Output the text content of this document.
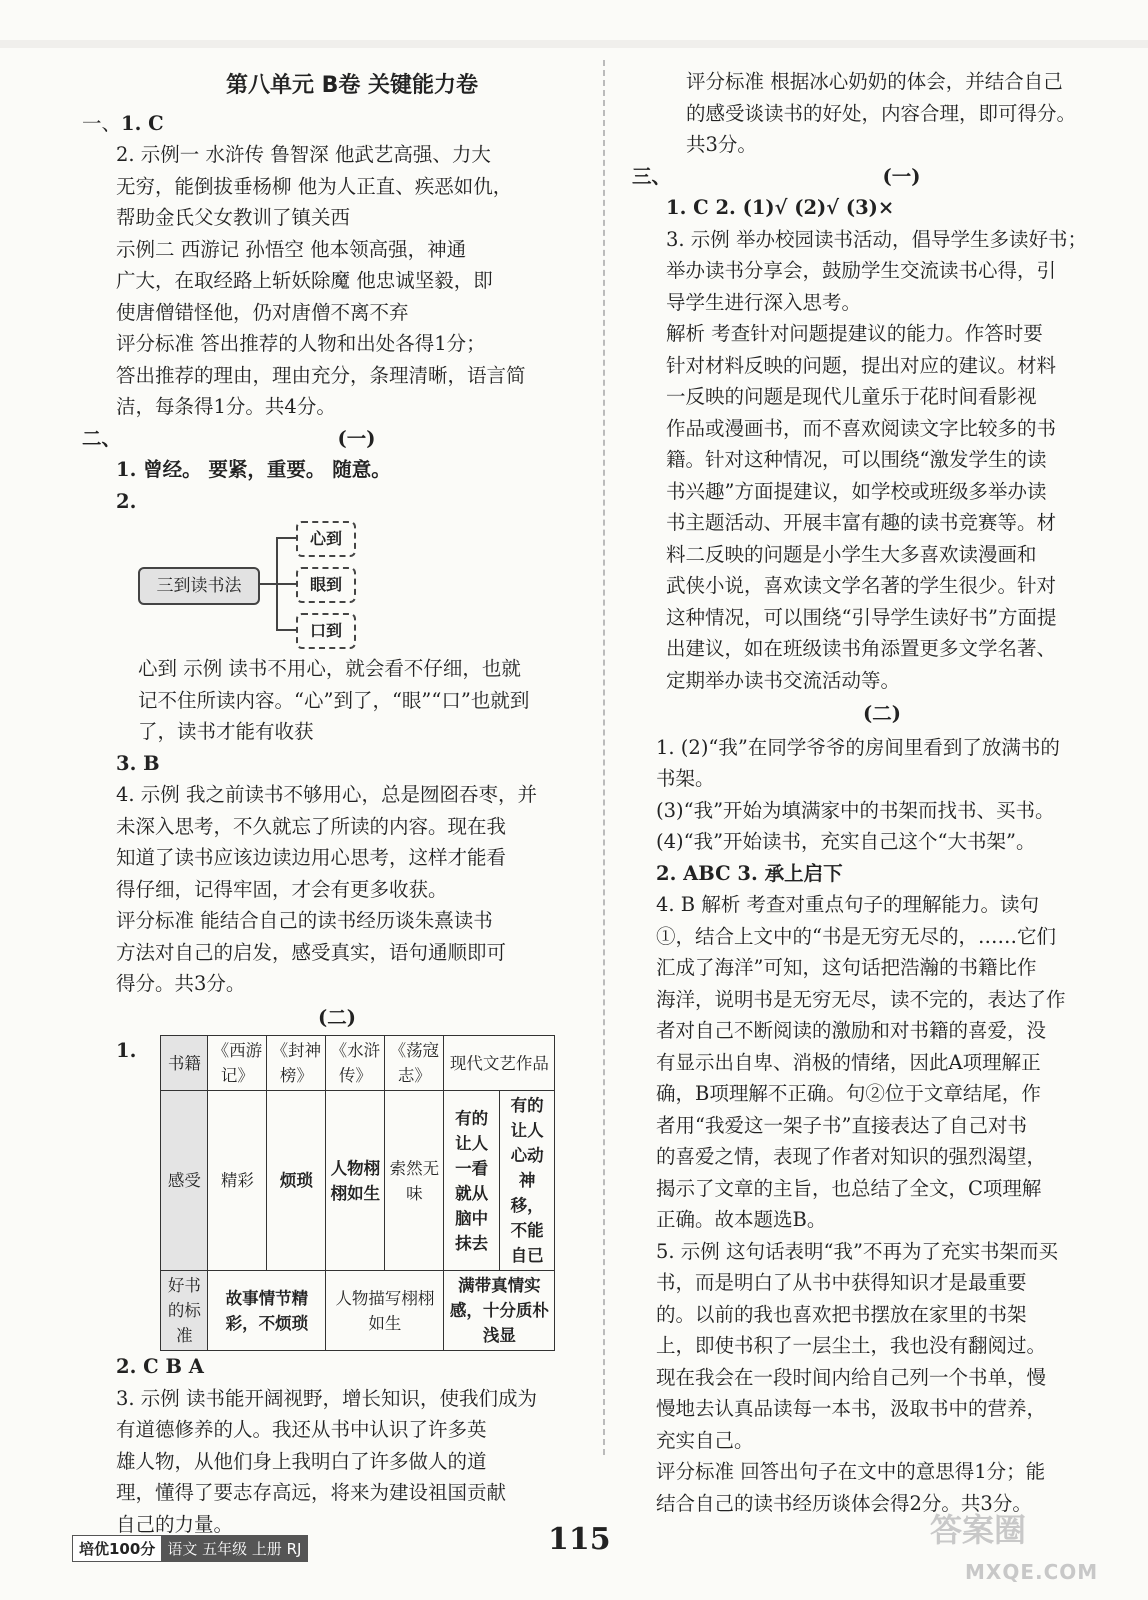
第八单元 B卷 关键能力卷
一、1. C
2. 示例一 水浒传 鲁智深 他武艺高强、力大
无穷，能倒拔垂杨柳 他为人正直、疾恶如仇，
帮助金氏父女教训了镇关西
示例二 西游记 孙悟空 他本领高强，神通
广大，在取经路上斩妖除魔 他忠诚坚毅，即
使唐僧错怪他，仍对唐僧不离不弃
评分标准 答出推荐的人物和出处各得1分；
答出推荐的理由，理由充分，条理清晰，语言简
洁，每条得1分。共4分。
二、	(一)
1. 曾经。 要紧，重要。 随意。
2.
三到读书法
心到
眼到
口到
心到 示例 读书不用心，就会看不仔细，也就
记不住所读内容。“心”到了，“眼”“口”也就到
了，读书才能有收获
3. B
4. 示例 我之前读书不够用心，总是囫囵吞枣，并
未深入思考，不久就忘了所读的内容。现在我
知道了读书应该边读边用心思考，这样才能看
得仔细，记得牢固，才会有更多收获。
评分标准 能结合自己的读书经历谈朱熹读书
方法对自己的启发，感受真实，语句通顺即可
得分。共3分。
(二)
1.
书籍	《西游记》	《封神榜》	《水浒传》	《荡寇志》	现代文艺作品	
感受	精彩	烦琐	人物栩栩如生	索然无味	有的让人一看就从脑中抹去	有的让人心动神移，不能自已
好书的标准	故事情节精彩，不烦琐		人物描写栩栩如生		满带真情实感，十分质朴浅显	
2. C B A
3. 示例 读书能开阔视野，增长知识，使我们成为
有道德修养的人。我还从书中认识了许多英
雄人物，从他们身上我明白了许多做人的道
理，懂得了要志存高远，将来为建设祖国贡献
自己的力量。
评分标准 根据冰心奶奶的体会，并结合自己
的感受谈读书的好处，内容合理，即可得分。
共3分。
三、	(一)
1. C 2. (1)√ (2)√ (3)×
3. 示例 举办校园读书活动，倡导学生多读好书；
举办读书分享会，鼓励学生交流读书心得，引
导学生进行深入思考。
解析 考查针对问题提建议的能力。作答时要
针对材料反映的问题，提出对应的建议。材料
一反映的问题是现代儿童乐于花时间看影视
作品或漫画书，而不喜欢阅读文字比较多的书
籍。针对这种情况，可以围绕“激发学生的读
书兴趣”方面提建议，如学校或班级多举办读
书主题活动、开展丰富有趣的读书竞赛等。材
料二反映的问题是小学生大多喜欢读漫画和
武侠小说，喜欢读文学名著的学生很少。针对
这种情况，可以围绕“引导学生读好书”方面提
出建议，如在班级读书角添置更多文学名著、
定期举办读书交流活动等。
(二)
1. (2)“我”在同学爷爷的房间里看到了放满书的
书架。
(3)“我”开始为填满家中的书架而找书、买书。
(4)“我”开始读书，充实自己这个“大书架”。
2. ABC 3. 承上启下
4. B 解析 考查对重点句子的理解能力。读句
①，结合上文中的“书是无穷无尽的，……它们
汇成了海洋”可知，这句话把浩瀚的书籍比作
海洋，说明书是无穷无尽，读不完的，表达了作
者对自己不断阅读的激励和对书籍的喜爱，没
有显示出自卑、消极的情绪，因此A项理解正
确，B项理解不正确。句②位于文章结尾，作
者用“我爱这一架子书”直接表达了自己对书
的喜爱之情，表现了作者对知识的强烈渴望，
揭示了文章的主旨，也总结了全文，C项理解
正确。故本题选B。
5. 示例 这句话表明“我”不再为了充实书架而买
书，而是明白了从书中获得知识才是最重要
的。以前的我也喜欢把书摆放在家里的书架
上，即使书积了一层尘土，我也没有翻阅过。
现在我会在一段时间内给自己列一个书单，慢
慢地去认真品读每一本书，汲取书中的营养，
充实自己。
评分标准 回答出句子在文中的意思得1分；能
结合自己的读书经历谈体会得2分。共3分。
培优100分 语文 五年级 上册 RJ	115	答案圈
MXQE.COM
